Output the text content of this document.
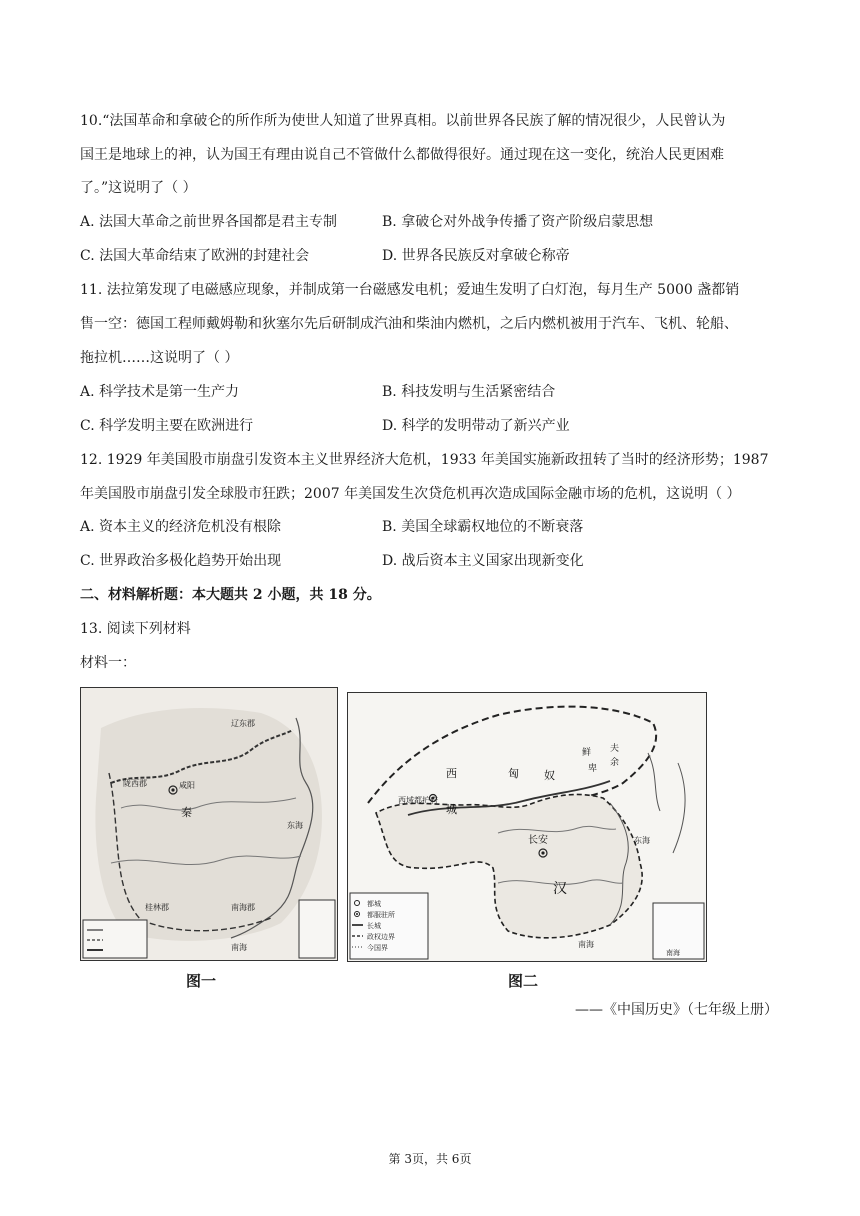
10.“法国革命和拿破仑的所作所为使世人知道了世界真相。以前世界各民族了解的情况很少，人民曾认为
国王是地球上的神，认为国王有理由说自己不管做什么都做得很好。通过现在这一变化，统治人民更困难
了。”这说明了（ ）
A. 法国大革命之前世界各国都是君主专制	B. 拿破仑对外战争传播了资产阶级启蒙思想
C. 法国大革命结束了欧洲的封建社会	D. 世界各民族反对拿破仑称帝
11. 法拉第发现了电磁感应现象，并制成第一台磁感发电机；爱迪生发明了白灯泡，每月生产 5000 盏都销
售一空：德国工程师戴姆勒和狄塞尔先后研制成汽油和柴油内燃机，之后内燃机被用于汽车、飞机、轮船、
拖拉机……这说明了（ ）
A. 科学技术是第一生产力	B. 科技发明与生活紧密结合
C. 科学发明主要在欧洲进行	D. 科学的发明带动了新兴产业
12. 1929 年美国股市崩盘引发资本主义世界经济大危机，1933 年美国实施新政扭转了当时的经济形势；1987
年美国股市崩盘引发全球股市狂跌；2007 年美国发生次贷危机再次造成国际金融市场的危机，这说明（ ）
A. 资本主义的经济危机没有根除	B. 美国全球霸权地位的不断衰落
C. 世界政治多极化趋势开始出现	D. 战后资本主义国家出现新变化
二、材料解析题：本大题共 2 小题，共 18 分。
13. 阅读下列材料
材料一：
辽东郡
陇西郡	咸阳
秦
南海郡
桂林郡
东海
南海
都城
都服驻所
长城
政权边界
今国界
匈 奴
西
城
西域都护府
长安
汉
夫
余
鲜
卑
东海
南海
南海
图一	图二
——《中国历史》（七年级上册）
第 3页，共 6页
